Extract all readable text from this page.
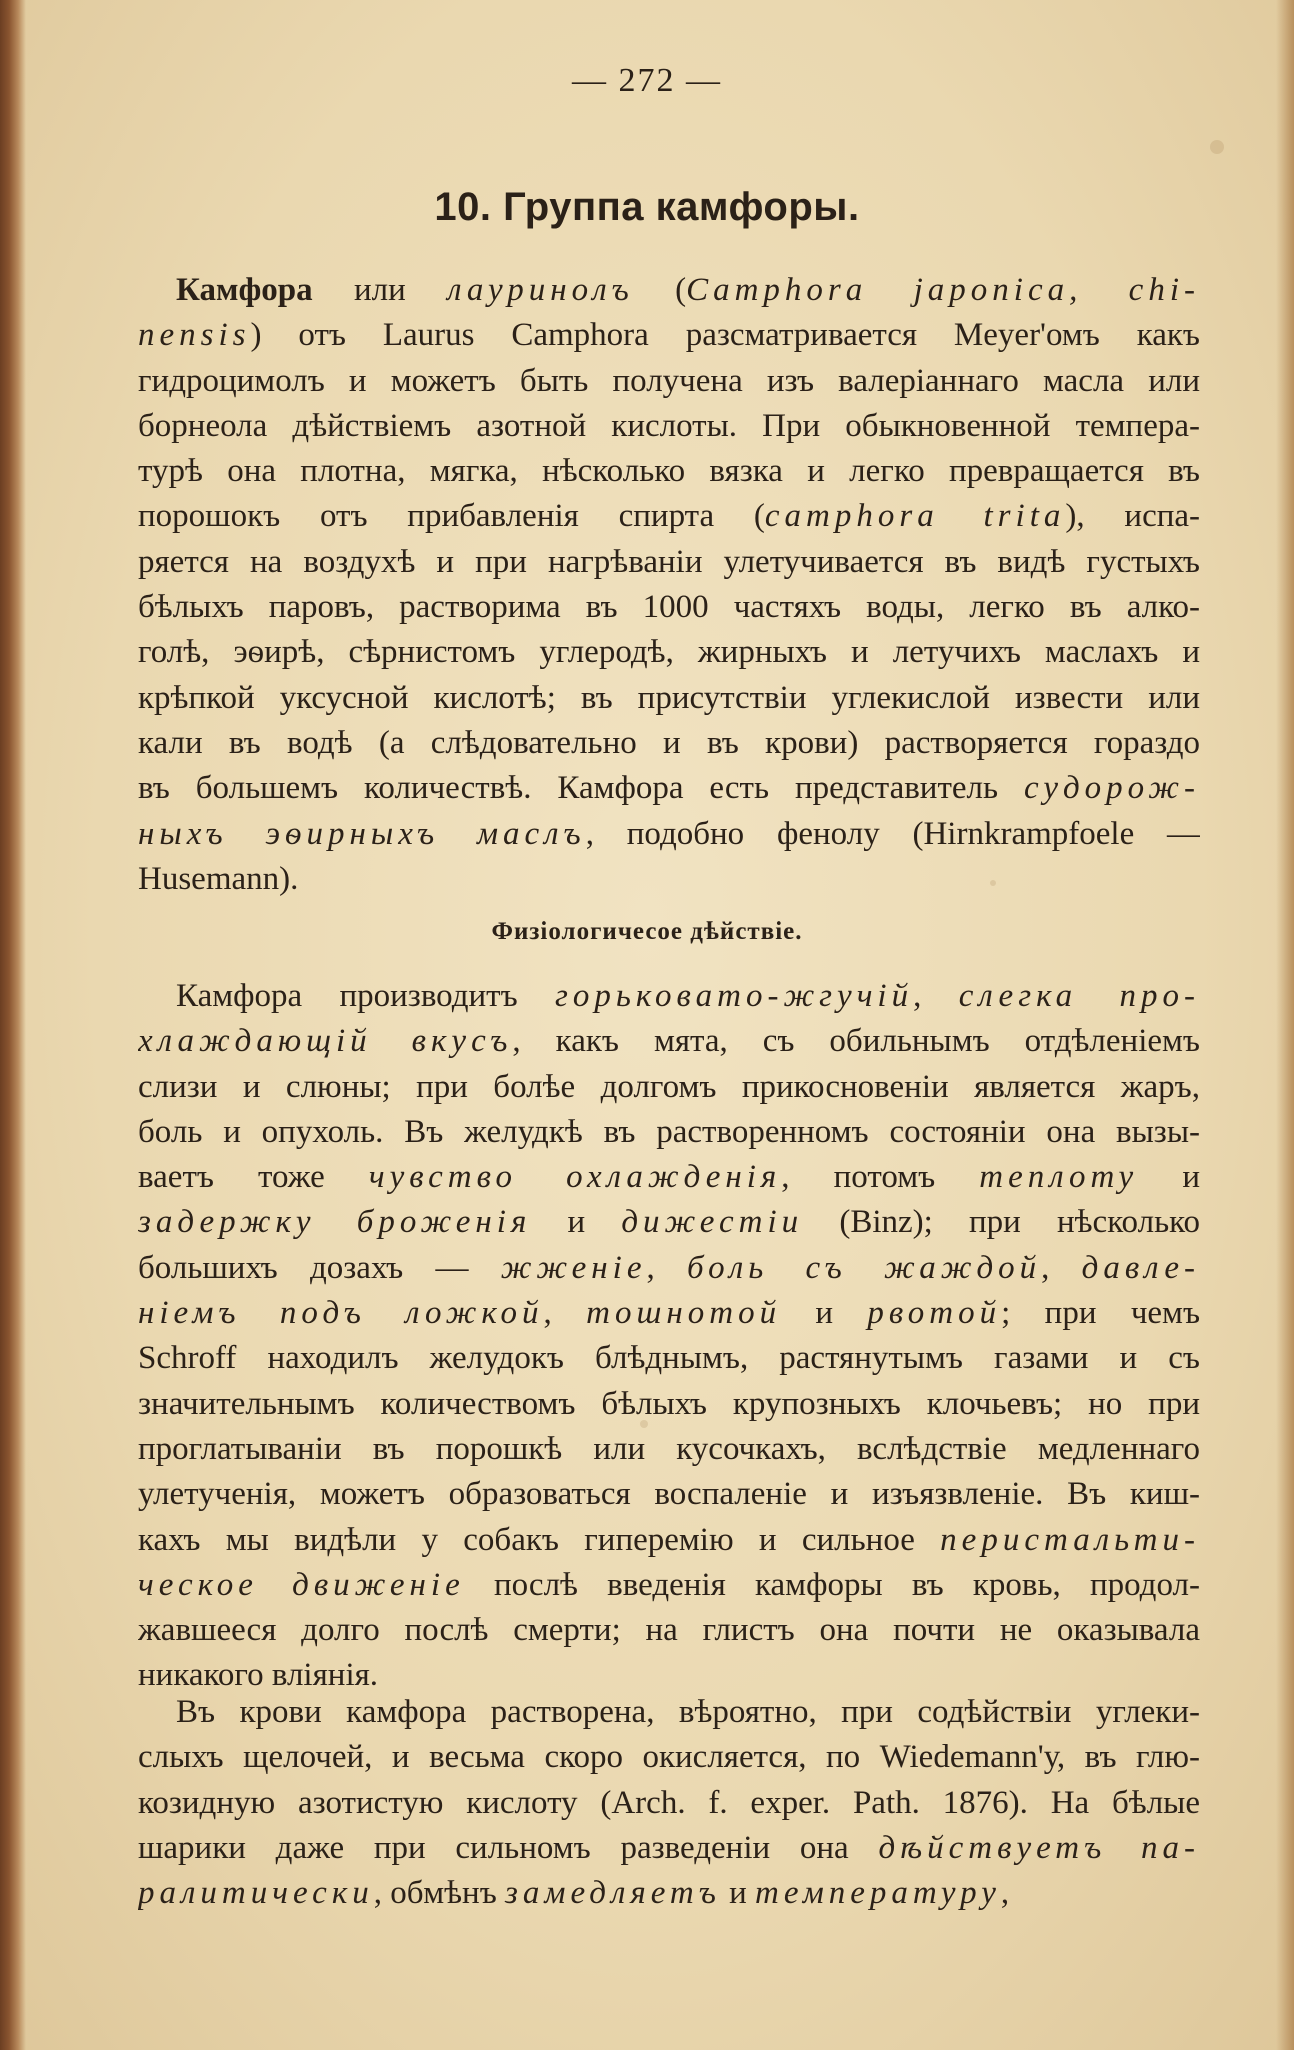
— 272 —
10. Группа камфоры.
Камфора или лауринолъ (Camphora japonica, chi-
nensis) отъ Laurus Camphora разсматривается Meyer'омъ какъ
гидроцимолъ и можетъ быть получена изъ валеріаннаго масла или
борнеола дѣйствіемъ азотной кислоты. При обыкновенной темпера-
турѣ она плотна, мягка, нѣсколько вязка и легко превращается въ
порошокъ отъ прибавленія спирта (camphora trita), испа-
ряется на воздухѣ и при нагрѣваніи улетучивается въ видѣ густыхъ
бѣлыхъ паровъ, растворима въ 1000 частяхъ воды, легко въ алко-
голѣ, эѳирѣ, сѣрнистомъ углеродѣ, жирныхъ и летучихъ маслахъ и
крѣпкой уксусной кислотѣ; въ присутствіи углекислой извести или
кали въ водѣ (а слѣдовательно и въ крови) растворяется гораздо
въ большемъ количествѣ. Камфора есть представитель судорож-
ныхъ эѳирныхъ маслъ, подобно фенолу (Hirnkrampfoele —
Husemann).
Физіологичесое дѣйствіе.
Камфора производитъ горьковато-жгучій, слегка про-
хлаждающій вкусъ, какъ мята, съ обильнымъ отдѣленіемъ
слизи и слюны; при болѣе долгомъ прикосновеніи является жаръ,
боль и опухоль. Въ желудкѣ въ растворенномъ состояніи она вызы-
ваетъ тоже чувство охлажденія, потомъ теплоту и
задержку броженія и дижестіи (Binz); при нѣсколько
большихъ дозахъ — жженіе, боль съ жаждой, давле-
ніемъ подъ ложкой, тошнотой и рвотой; при чемъ
Schroff находилъ желудокъ блѣднымъ, растянутымъ газами и съ
значительнымъ количествомъ бѣлыхъ крупозныхъ клочьевъ; но при
проглатываніи въ порошкѣ или кусочкахъ, вслѣдствіе медленнаго
улетученія, можетъ образоваться воспаленіе и изъязвленіе. Въ киш-
кахъ мы видѣли у собакъ гиперемію и сильное перистальти-
ческое движеніе послѣ введенія камфоры въ кровь, продол-
жавшееся долго послѣ смерти; на глистъ она почти не оказывала
никакого вліянія.
Въ крови камфора растворена, вѣроятно, при содѣйствіи углеки-
слыхъ щелочей, и весьма скоро окисляется, по Wiedemann'у, въ глю-
козидную азотистую кислоту (Arch. f. exper. Path. 1876). На бѣлые
шарики даже при сильномъ разведеніи она дѣйствуетъ па-
ралитически, обмѣнъ замедляетъ и температуру,
